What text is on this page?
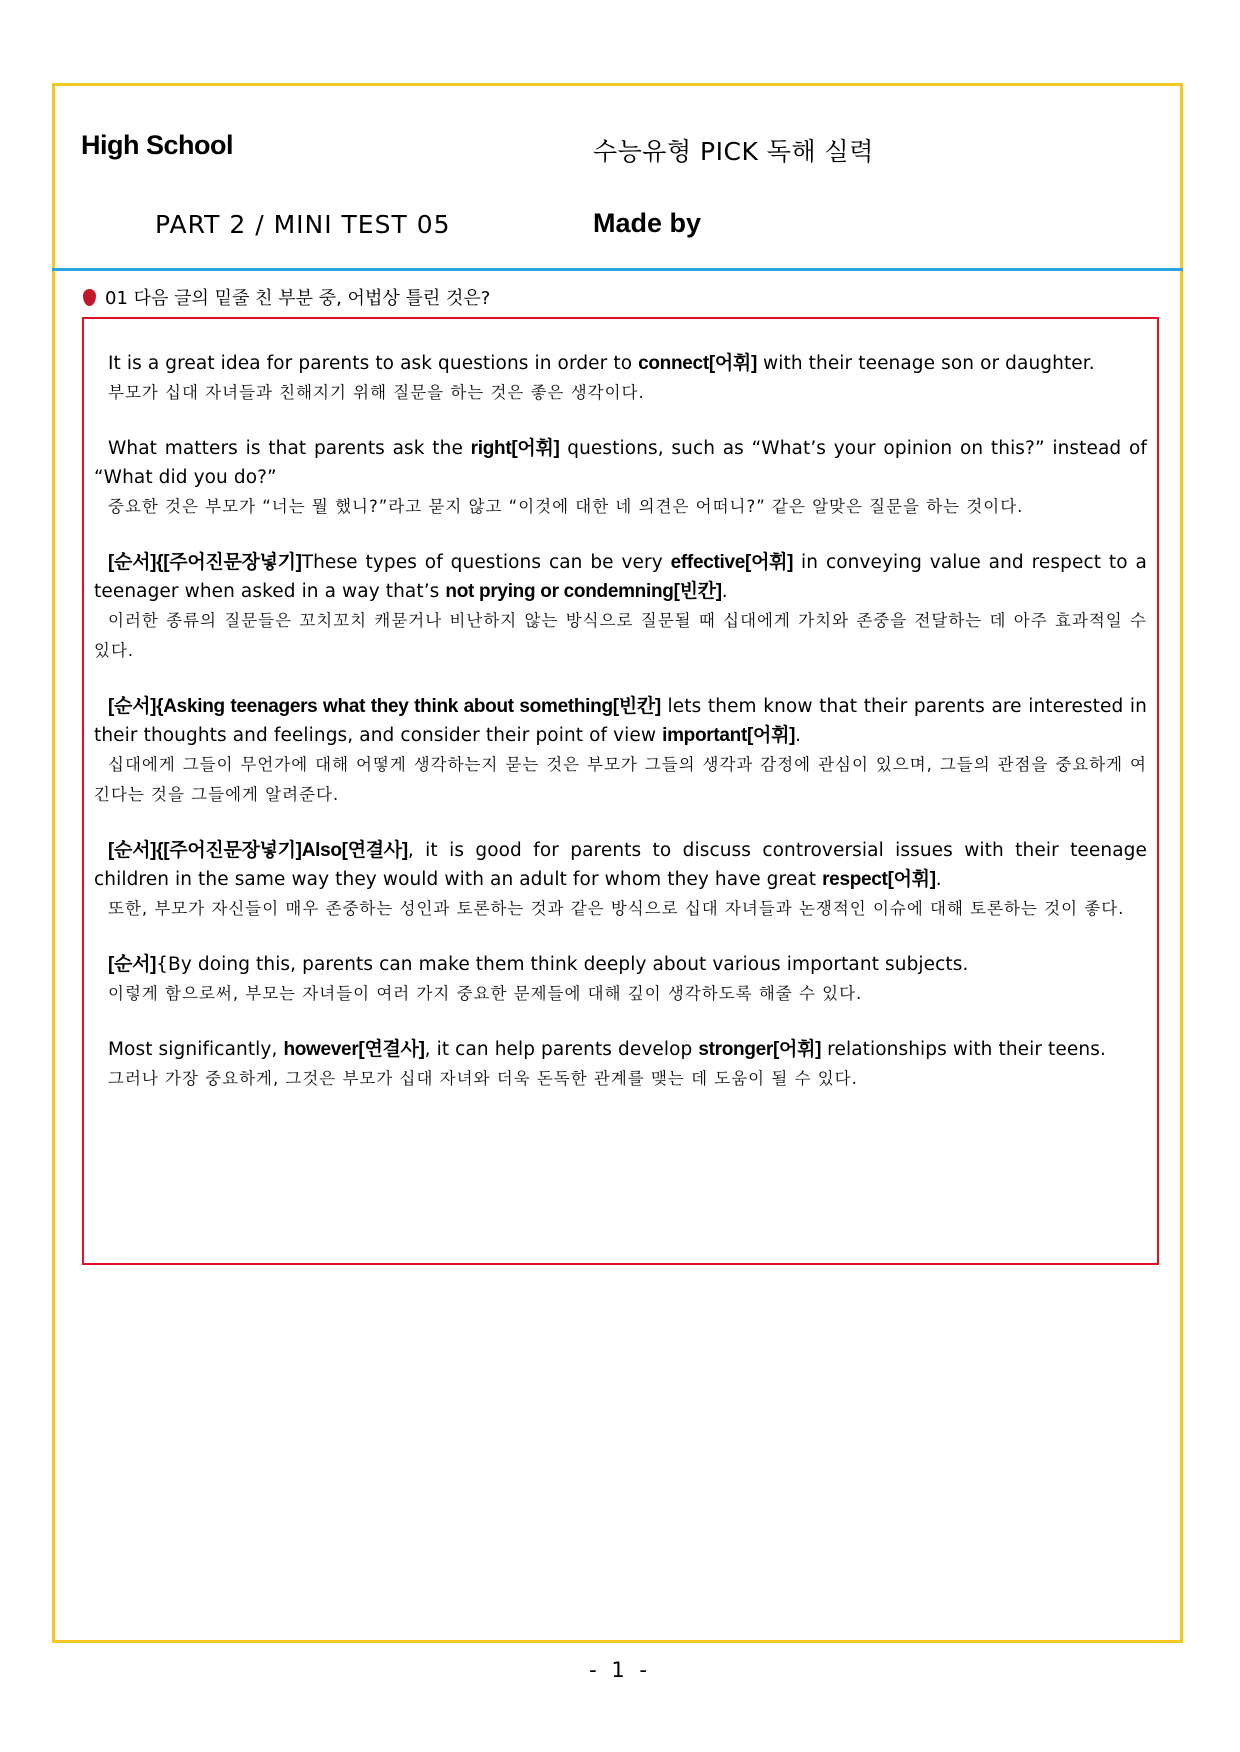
High School	수능유형 PICK 독해 실력
PART 2 / MINI TEST 05	Made by
01 다음 글의 밑줄 친 부분 중, 어법상 틀린 것은?
It is a great idea for parents to ask questions in order to connect[어휘] with their teenage son or daughter.
부모가 십대 자녀들과 친해지기 위해 질문을 하는 것은 좋은 생각이다.
What matters is that parents ask the right[어휘] questions, such as “What’s your opinion on this?” instead of “What did you do?”
중요한 것은 부모가 “너는 뭘 했니?”라고 묻지 않고 “이것에 대한 네 의견은 어떠니?” 같은 알맞은 질문을 하는 것이다.
[순서]{[주어진문장넣기]These types of questions can be very effective[어휘] in conveying value and respect to a teenager when asked in a way that’s not prying or condemning[빈칸].
이러한 종류의 질문들은 꼬치꼬치 캐묻거나 비난하지 않는 방식으로 질문될 때 십대에게 가치와 존중을 전달하는 데 아주 효과적일 수 있다.
[순서]{Asking teenagers what they think about something[빈칸] lets them know that their parents are interested in their thoughts and feelings, and consider their point of view important[어휘].
십대에게 그들이 무언가에 대해 어떻게 생각하는지 묻는 것은 부모가 그들의 생각과 감정에 관심이 있으며, 그들의 관점을 중요하게 여긴다는 것을 그들에게 알려준다.
[순서]{[주어진문장넣기]Also[연결사], it is good for parents to discuss controversial issues with their teenage children in the same way they would with an adult for whom they have great respect[어휘].
또한, 부모가 자신들이 매우 존중하는 성인과 토론하는 것과 같은 방식으로 십대 자녀들과 논쟁적인 이슈에 대해 토론하는 것이 좋다.
[순서]{By doing this, parents can make them think deeply about various important subjects.
이렇게 함으로써, 부모는 자녀들이 여러 가지 중요한 문제들에 대해 깊이 생각하도록 해줄 수 있다.
Most significantly, however[연결사], it can help parents develop stronger[어휘] relationships with their teens.
그러나 가장 중요하게, 그것은 부모가 십대 자녀와 더욱 돈독한 관계를 맺는 데 도움이 될 수 있다.
- 1 -
